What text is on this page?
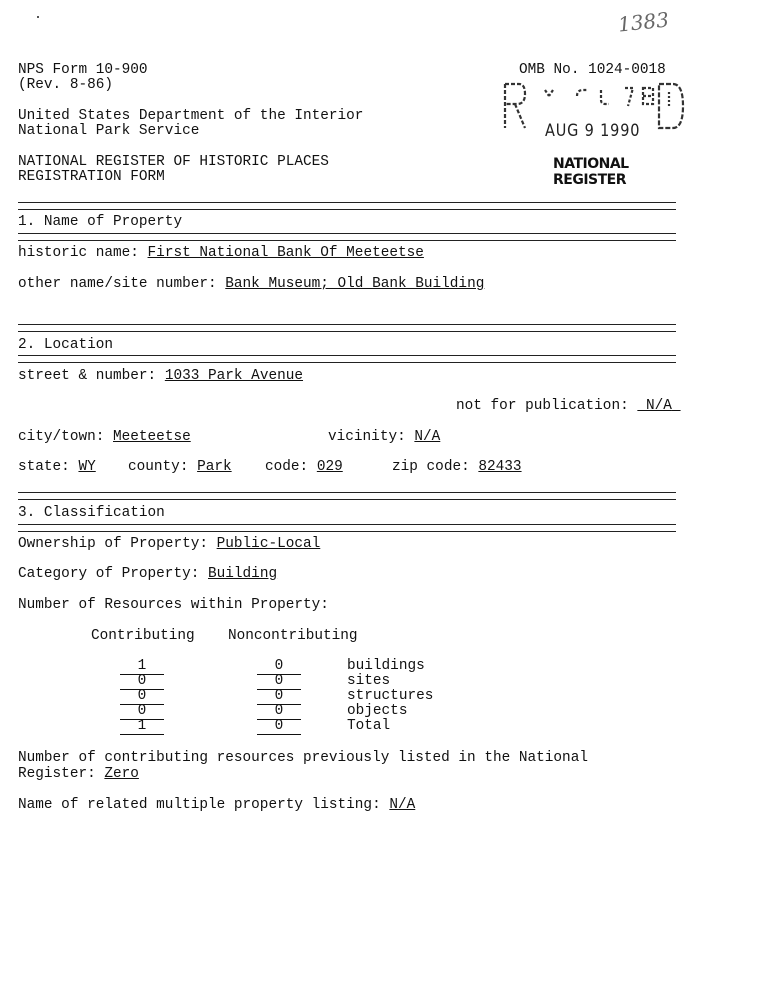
1383
NPS Form 10-900
(Rev. 8-86)
OMB No. 1024-0018
United States Department of the Interior
National Park Service
NATIONAL REGISTER OF HISTORIC PLACES
REGISTRATION FORM
AUG 9 1990
NATIONAL
REGISTER
1. Name of Property
historic name: First National Bank Of Meeteetse
other name/site number: Bank Museum; Old Bank Building
2. Location
street & number: 1033 Park Avenue
not for publication: N/A
city/town: Meeteetse	vicinity: N/A
state: WY county: Park code: 029	zip code: 82433
3. Classification
Ownership of Property: Public-Local
Category of Property: Building
Number of Resources within Property:
Contributing Noncontributing
1	0	buildings
0	0	sites
0	0	structures
0	0	objects
1	0	Total
Number of contributing resources previously listed in the National
Register: Zero
Name of related multiple property listing: N/A
